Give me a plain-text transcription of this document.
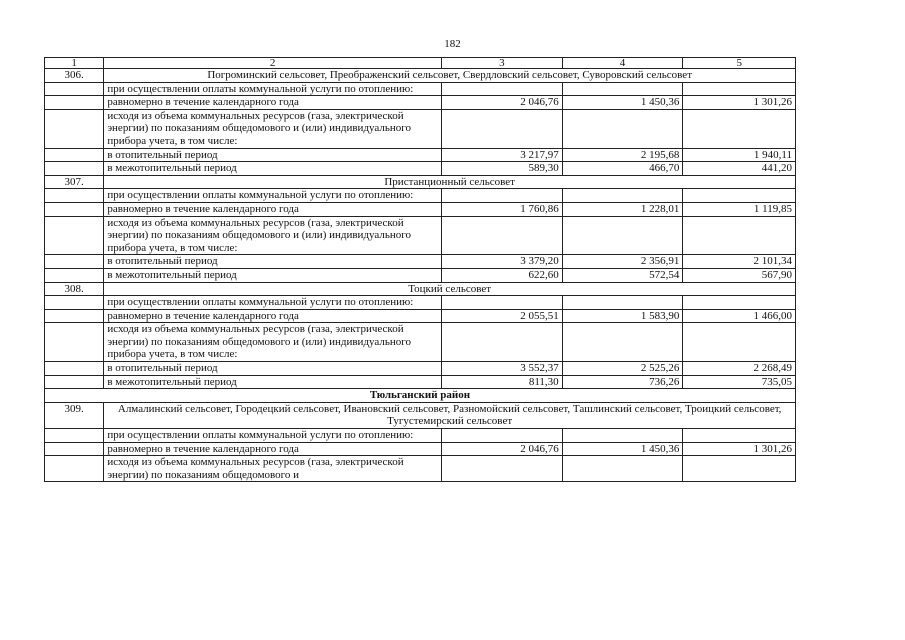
182
1	2	3	4	5
306.	Погроминский сельсовет, Преображенский сельсовет, Свердловский сельсовет, Суворовский сельсовет			
	при осуществлении оплаты коммунальной услуги по отоплению:			
	равномерно в течение календарного года	2 046,76	1 450,36	1 301,26
	исходя из объема коммунальных ресурсов (газа, электрической энергии) по показаниям общедомового и (или) индивидуального прибора учета, в том числе:			
	в отопительный период	3 217,97	2 195,68	1 940,11
	в межотопительный период	589,30	466,70	441,20
307.	Пристанционный сельсовет			
	при осуществлении оплаты коммунальной услуги по отоплению:			
	равномерно в течение календарного года	1 760,86	1 228,01	1 119,85
	исходя из объема коммунальных ресурсов (газа, электрической энергии) по показаниям общедомового и (или) индивидуального прибора учета, в том числе:			
	в отопительный период	3 379,20	2 356,91	2 101,34
	в межотопительный период	622,60	572,54	567,90
308.	Тоцкий сельсовет			
	при осуществлении оплаты коммунальной услуги по отоплению:			
	равномерно в течение календарного года	2 055,51	1 583,90	1 466,00
	исходя из объема коммунальных ресурсов (газа, электрической энергии) по показаниям общедомового и (или) индивидуального прибора учета, в том числе:			
	в отопительный период	3 552,37	2 525,26	2 268,49
	в межотопительный период	811,30	736,26	735,05
Тюльганский район				
309.	Алмалинский сельсовет, Городецкий сельсовет, Ивановский сельсовет, Разномойский сельсовет, Ташлинский сельсовет, Троицкий сельсовет, Тугустемирский сельсовет			
	при осуществлении оплаты коммунальной услуги по отоплению:			
	равномерно в течение календарного года	2 046,76	1 450,36	1 301,26
	исходя из объема коммунальных ресурсов (газа, электрической энергии) по показаниям общедомового и			
